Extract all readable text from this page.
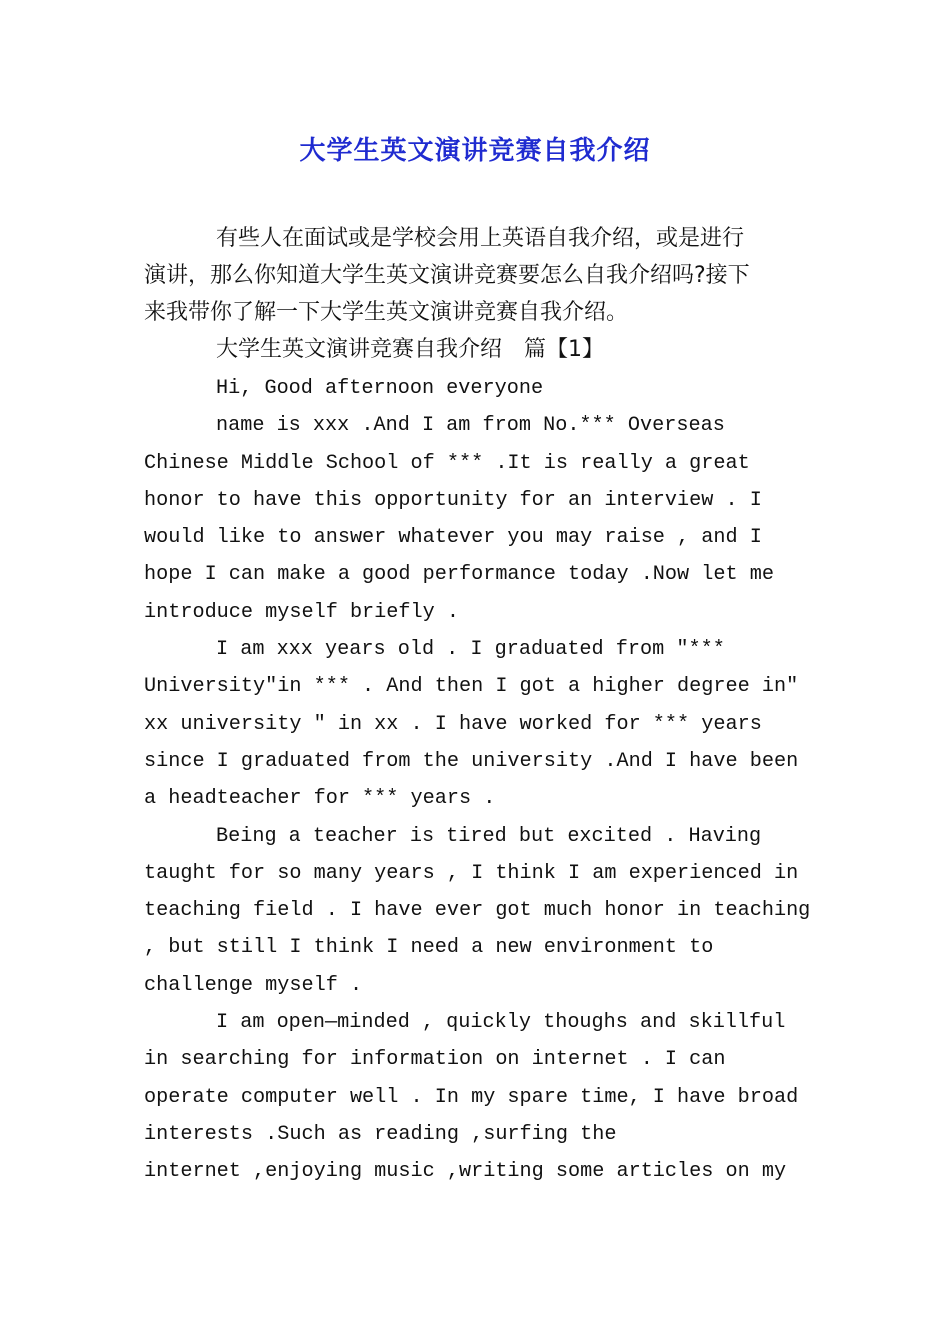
大学生英文演讲竞赛自我介绍
有些人在面试或是学校会用上英语自我介绍，或是进行
演讲，那么你知道大学生英文演讲竞赛要怎么自我介绍吗?接下
来我带你了解一下大学生英文演讲竞赛自我介绍。
大学生英文演讲竞赛自我介绍　篇【1】
Hi, Good afternoon everyone
name is xxx .And I am from No.*** Overseas
Chinese Middle School of *** .It is really a great
honor to have this opportunity for an interview . I
would like to answer whatever you may raise , and I
hope I can make a good performance today .Now let me
introduce myself briefly .
I am xxx years old . I graduated from "***
University"in *** . And then I got a higher degree in"
xx university " in xx . I have worked for *** years
since I graduated from the university .And I have been
a headteacher for *** years .
Being a teacher is tired but excited . Having
taught for so many years , I think I am experienced in
teaching field . I have ever got much honor in teaching
, but still I think I need a new environment to
challenge myself .
I am open—minded , quickly thoughs and skillful
in searching for information on internet . I can
operate computer well . In my spare time, I have broad
interests .Such as reading ,surfing the
internet ,enjoying music ,writing some articles on my
